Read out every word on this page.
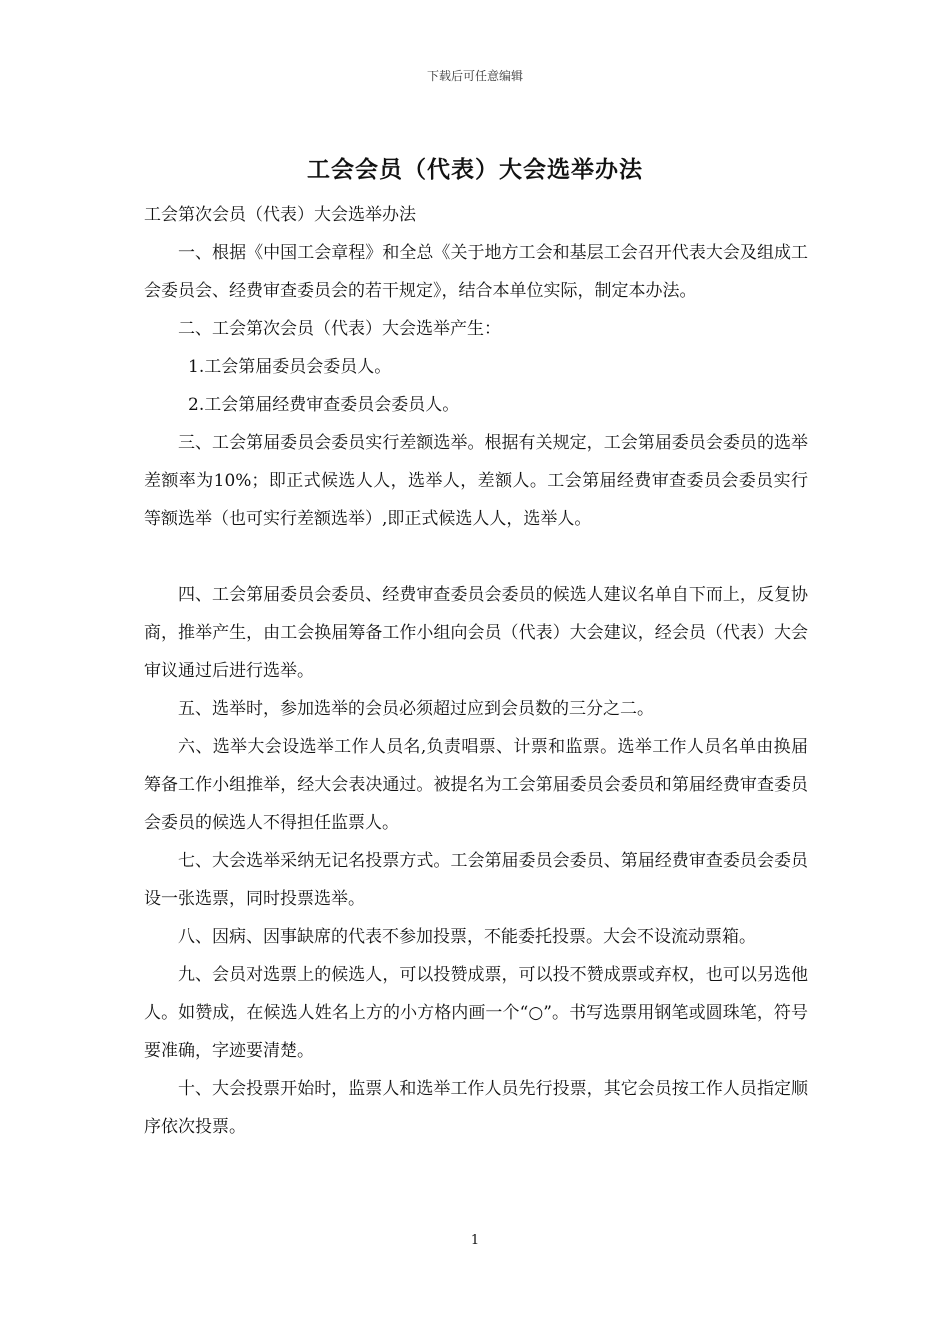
下载后可任意编辑
工会会员（代表）大会选举办法

工会第次会员（代表）大会选举办法

一、根据《中国工会章程》和全总《关于地方工会和基层工会召开代表大会及组成工会委员会、经费审查委员会的若干规定》，结合本单位实际，制定本办法。

二、工会第次会员（代表）大会选举产生：

1.工会第届委员会委员人。

2.工会第届经费审查委员会委员人。

三、工会第届委员会委员实行差额选举。根据有关规定，工会第届委员会委员的选举差额率为10%；即正式候选人人，选举人，差额人。工会第届经费审查委员会委员实行等额选举（也可实行差额选举）,即正式候选人人，选举人。

四、工会第届委员会委员、经费审查委员会委员的候选人建议名单自下而上，反复协商，推举产生，由工会换届筹备工作小组向会员（代表）大会建议，经会员（代表）大会审议通过后进行选举。

五、选举时，参加选举的会员必须超过应到会员数的三分之二。

六、选举大会设选举工作人员名,负责唱票、计票和监票。选举工作人员名单由换届筹备工作小组推举，经大会表决通过。被提名为工会第届委员会委员和第届经费审查委员会委员的候选人不得担任监票人。

七、大会选举采纳无记名投票方式。工会第届委员会委员、第届经费审查委员会委员设一张选票，同时投票选举。

八、因病、因事缺席的代表不参加投票，不能委托投票。大会不设流动票箱。

九、会员对选票上的候选人，可以投赞成票，可以投不赞成票或弃权，也可以另选他人。如赞成，在候选人姓名上方的小方格内画一个“○”。书写选票用钢笔或圆珠笔，符号要准确，字迹要清楚。

十、大会投票开始时，监票人和选举工作人员先行投票，其它会员按工作人员指定顺序依次投票。

1
